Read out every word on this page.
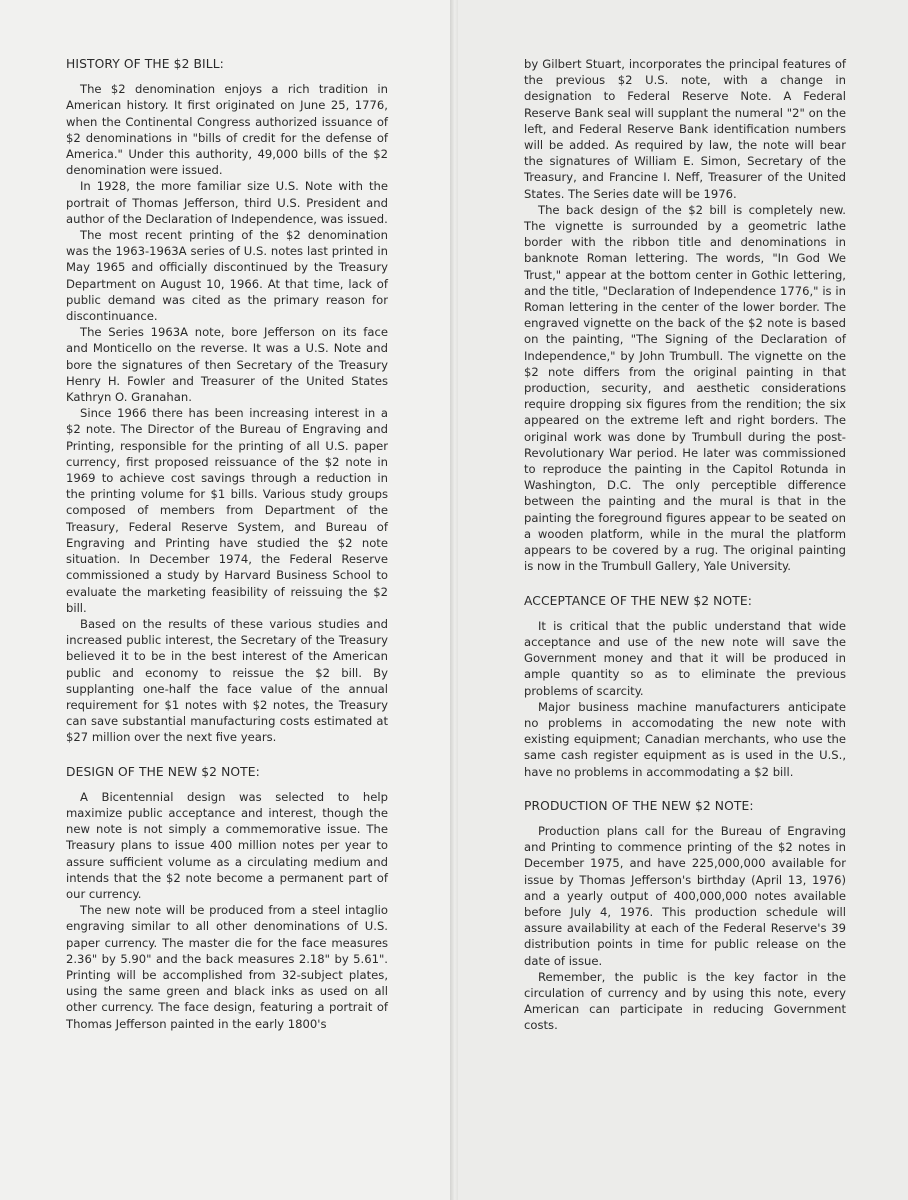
HISTORY OF THE $2 BILL:

The $2 denomination enjoys a rich tradition in American history. It first originated on June 25, 1776, when the Continental Congress authorized issuance of $2 denominations in "bills of credit for the defense of America." Under this authority, 49,000 bills of the $2 denomination were issued.

In 1928, the more familiar size U.S. Note with the portrait of Thomas Jefferson, third U.S. President and author of the Declaration of Independence, was issued.

The most recent printing of the $2 denomination was the 1963-1963A series of U.S. notes last printed in May 1965 and officially discontinued by the Treasury Department on August 10, 1966. At that time, lack of public demand was cited as the primary reason for discontinuance.

The Series 1963A note, bore Jefferson on its face and Monticello on the reverse. It was a U.S. Note and bore the signatures of then Secretary of the Treasury Henry H. Fowler and Treasurer of the United States Kathryn O. Granahan.

Since 1966 there has been increasing interest in a $2 note. The Director of the Bureau of Engraving and Printing, responsible for the printing of all U.S. paper currency, first proposed reissuance of the $2 note in 1969 to achieve cost savings through a reduction in the printing volume for $1 bills. Various study groups composed of members from Department of the Treasury, Federal Reserve System, and Bureau of Engraving and Printing have studied the $2 note situation. In December 1974, the Federal Reserve commissioned a study by Harvard Business School to evaluate the marketing feasibility of reissuing the $2 bill.

Based on the results of these various studies and increased public interest, the Secretary of the Treasury believed it to be in the best interest of the American public and economy to reissue the $2 bill. By supplanting one-half the face value of the annual requirement for $1 notes with $2 notes, the Treasury can save substantial manufacturing costs estimated at $27 million over the next five years.

DESIGN OF THE NEW $2 NOTE:

A Bicentennial design was selected to help maximize public acceptance and interest, though the new note is not simply a commemorative issue. The Treasury plans to issue 400 million notes per year to assure sufficient volume as a circulating medium and intends that the $2 note become a permanent part of our currency.

The new note will be produced from a steel intaglio engraving similar to all other denominations of U.S. paper currency. The master die for the face measures 2.36" by 5.90" and the back measures 2.18" by 5.61". Printing will be accomplished from 32-subject plates, using the same green and black inks as used on all other currency. The face design, featuring a portrait of Thomas Jefferson painted in the early 1800's

by Gilbert Stuart, incorporates the principal features of the previous $2 U.S. note, with a change in designation to Federal Reserve Note. A Federal Reserve Bank seal will supplant the numeral "2" on the left, and Federal Reserve Bank identification numbers will be added. As required by law, the note will bear the signatures of William E. Simon, Secretary of the Treasury, and Francine I. Neff, Treasurer of the United States. The Series date will be 1976.

The back design of the $2 bill is completely new. The vignette is surrounded by a geometric lathe border with the ribbon title and denominations in banknote Roman lettering. The words, "In God We Trust," appear at the bottom center in Gothic lettering, and the title, "Declaration of Independence 1776," is in Roman lettering in the center of the lower border. The engraved vignette on the back of the $2 note is based on the painting, "The Signing of the Declaration of Independence," by John Trumbull. The vignette on the $2 note differs from the original painting in that production, security, and aesthetic considerations require dropping six figures from the rendition; the six appeared on the extreme left and right borders. The original work was done by Trumbull during the post-Revolutionary War period. He later was commissioned to reproduce the painting in the Capitol Rotunda in Washington, D.C. The only perceptible difference between the painting and the mural is that in the painting the foreground figures appear to be seated on a wooden platform, while in the mural the platform appears to be covered by a rug. The original painting is now in the Trumbull Gallery, Yale University.

ACCEPTANCE OF THE NEW $2 NOTE:

It is critical that the public understand that wide acceptance and use of the new note will save the Government money and that it will be produced in ample quantity so as to eliminate the previous problems of scarcity.

Major business machine manufacturers anticipate no problems in accomodating the new note with existing equipment; Canadian merchants, who use the same cash register equipment as is used in the U.S., have no problems in accommodating a $2 bill.

PRODUCTION OF THE NEW $2 NOTE:

Production plans call for the Bureau of Engraving and Printing to commence printing of the $2 notes in December 1975, and have 225,000,000 available for issue by Thomas Jefferson's birthday (April 13, 1976) and a yearly output of 400,000,000 notes available before July 4, 1976. This production schedule will assure availability at each of the Federal Reserve's 39 distribution points in time for public release on the date of issue.

Remember, the public is the key factor in the circulation of currency and by using this note, every American can participate in reducing Government costs.
